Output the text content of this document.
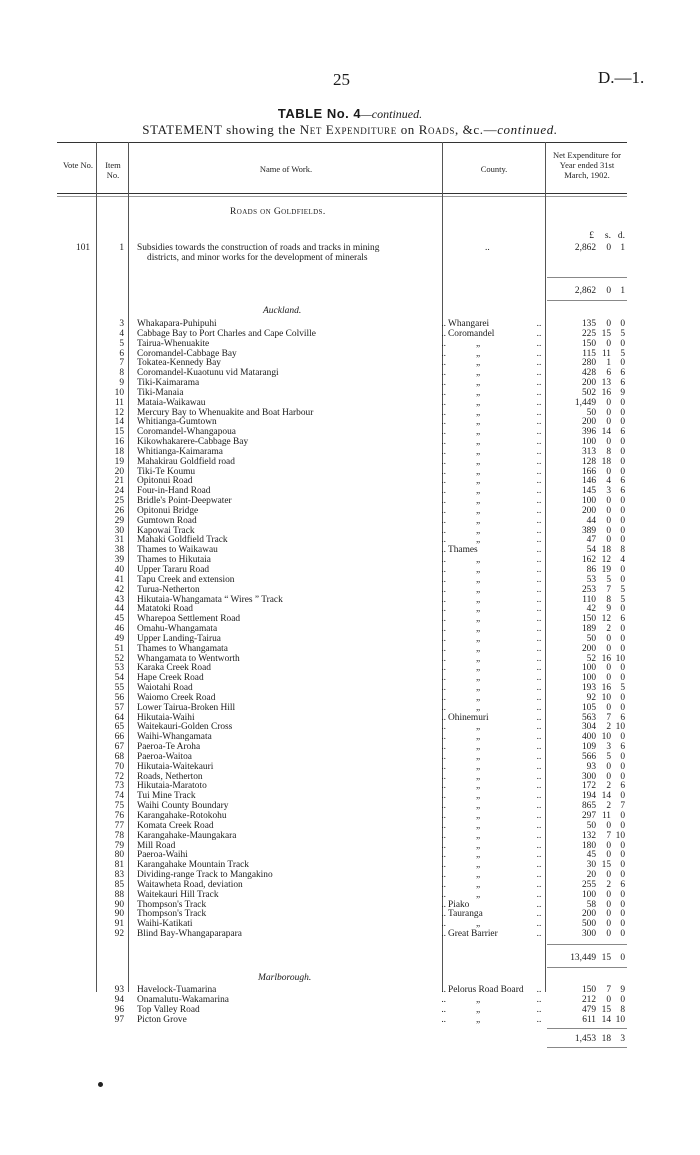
25	D.—1.
TABLE No. 4—continued.
STATEMENT showing the Net Expenditure on Roads, &c.—continued.
Vote No.	Item No.
Name of Work.	County.
Net Expenditure for Year ended 31st March, 1902.
Roads on Goldfields.
£	s. d.
101	1 Subsidies towards the construction of roads and tracks in mining	..	2,862	0 1
districts, and minor works for the development of minerals
2,862	0 1
Auckland.
3 Whakapara-Puhipuhi	Whangarei	135	0 0
..	..
4 Cabbage Bay to Port Charles and Cape Colville	Coromandel	225 15 5
..	..
5 Tairua-Whenuakite	„	150	0 0
..	..
6 Coromandel-Cabbage Bay	„	115 11 5
..	..
7 Tokatea-Kennedy Bay	„	280	1 0
..	..
8 Coromandel-Kuaotunu vid Matarangi	„	428	6 6
..	..
9 Tiki-Kaimarama	„	200 13 6
..	..
10 Tiki-Manaia	„	502 16 9
..	..
11 Mataia-Waikawau	„	1,449	0 0
..	..
12 Mercury Bay to Whenuakite and Boat Harbour	„	50	0 0
..	..
14 Whitianga-Gumtown	„	200	0 0
..	..
15 Coromandel-Whangapoua	„	396 14 6
..	..
16 Kikowhakarere-Cabbage Bay	„	100	0 0
..	..
18 Whitianga-Kaimarama	„	313	8 0
..	..
19 Mahakirau Goldfield road	„	128 18 0
..	..
20 Tiki-Te Koumu	„	166	0 0
..	..
21 Opitonui Road	„	146	4 6
..	..
24 Four-in-Hand Road	„	145	3 6
..	..
25 Bridle's Point-Deepwater	„	100	0 0
..	..
26 Opitonui Bridge	„	200	0 0
..	..
29 Gumtown Road	„	44	0 0
..	..
30 Kapowai Track	„	389	0 0
..	..
31 Mahaki Goldfield Track	„	47	0 0
..	..
38 Thames to Waikawau	Thames	54 18 8
..	..
39 Thames to Hikutaia	„	162 12 4
..	..
40 Upper Tararu Road	„	86 19 0
..	..
41 Tapu Creek and extension	„	53	5 0
..	..
42 Turua-Netherton	„	253	7 5
..	..
43 Hikutaia-Whangamata “ Wires ” Track	„	110	8 5
..	..
44 Matatoki Road	„	42	9 0
..	..
45 Wharepoa Settlement Road	„	150 12 6
..	..
46 Omahu-Whangamata	„	189	2 0
..	..
49 Upper Landing-Tairua	„	50	0 0
..	..
51 Thames to Whangamata	„	200	0 0
..	..
52 Whangamata to Wentworth	„	52 16 10
..	..
53 Karaka Creek Road	„	100	0 0
..	..
54 Hape Creek Road	„	100	0 0
..	..
55 Waiotahi Road	„	193 16 5
..	..
56 Waiomo Creek Road	„	92 10 0
..	..
57 Lower Tairua-Broken Hill	„	105	0 0
..	..
64 Hikutaia-Waihi	Ohinemuri	563	7 6
..	..
65 Waitekauri-Golden Cross	„	304	2 10
..	..
66 Waihi-Whangamata	„	400 10 0
..	..
67 Paeroa-Te Aroha	„	109	3 6
..	..
68 Paeroa-Waitoa	„	566	5 0
..	..
70 Hikutaia-Waitekauri	„	93	0 0
..	..
72 Roads, Netherton	„	300	0 0
..	..
73 Hikutaia-Maratoto	„	172	2 6
..	..
74 Tui Mine Track	„	194 14 0
..	..
75 Waihi County Boundary	„	865	2 7
..	..
76 Karangahake-Rotokohu	„	297 11 0
..	..
77 Komata Creek Road	„	50	0 0
..	..
78 Karangahake-Maungakara	„	132	7 10
..	..
79 Mill Road	„	180	0 0
..	..
80 Paeroa-Waihi	„	45	0 0
..	..
81 Karangahake Mountain Track	„	30 15 0
..	..
83 Dividing-range Track to Mangakino	„	20	0 0
..	..
85 Waitawheta Road, deviation	„	255	2 6
..	..
88 Waitekauri Hill Track	„	100	0 0
..	..
90 Thompson's Track	Piako	58	0 0
..	..
90 Thompson's Track	Tauranga	200	0 0
..	..
91 Waihi-Katikati	„	500	0 0
..	..
92 Blind Bay-Whangaparapara	Great Barrier	300	0 0
..	..
13,449 15 0
Marlborough.
93 Havelock-Tuamarina	Pelorus Road Board	150	7 9
..	..
94 Onamalutu-Wakamarina	„	212	0 0
..	..
96 Top Valley Road	„	479 15 8
..	..
97 Picton Grove	„	611 14 10
..	..
1,453 18 3
